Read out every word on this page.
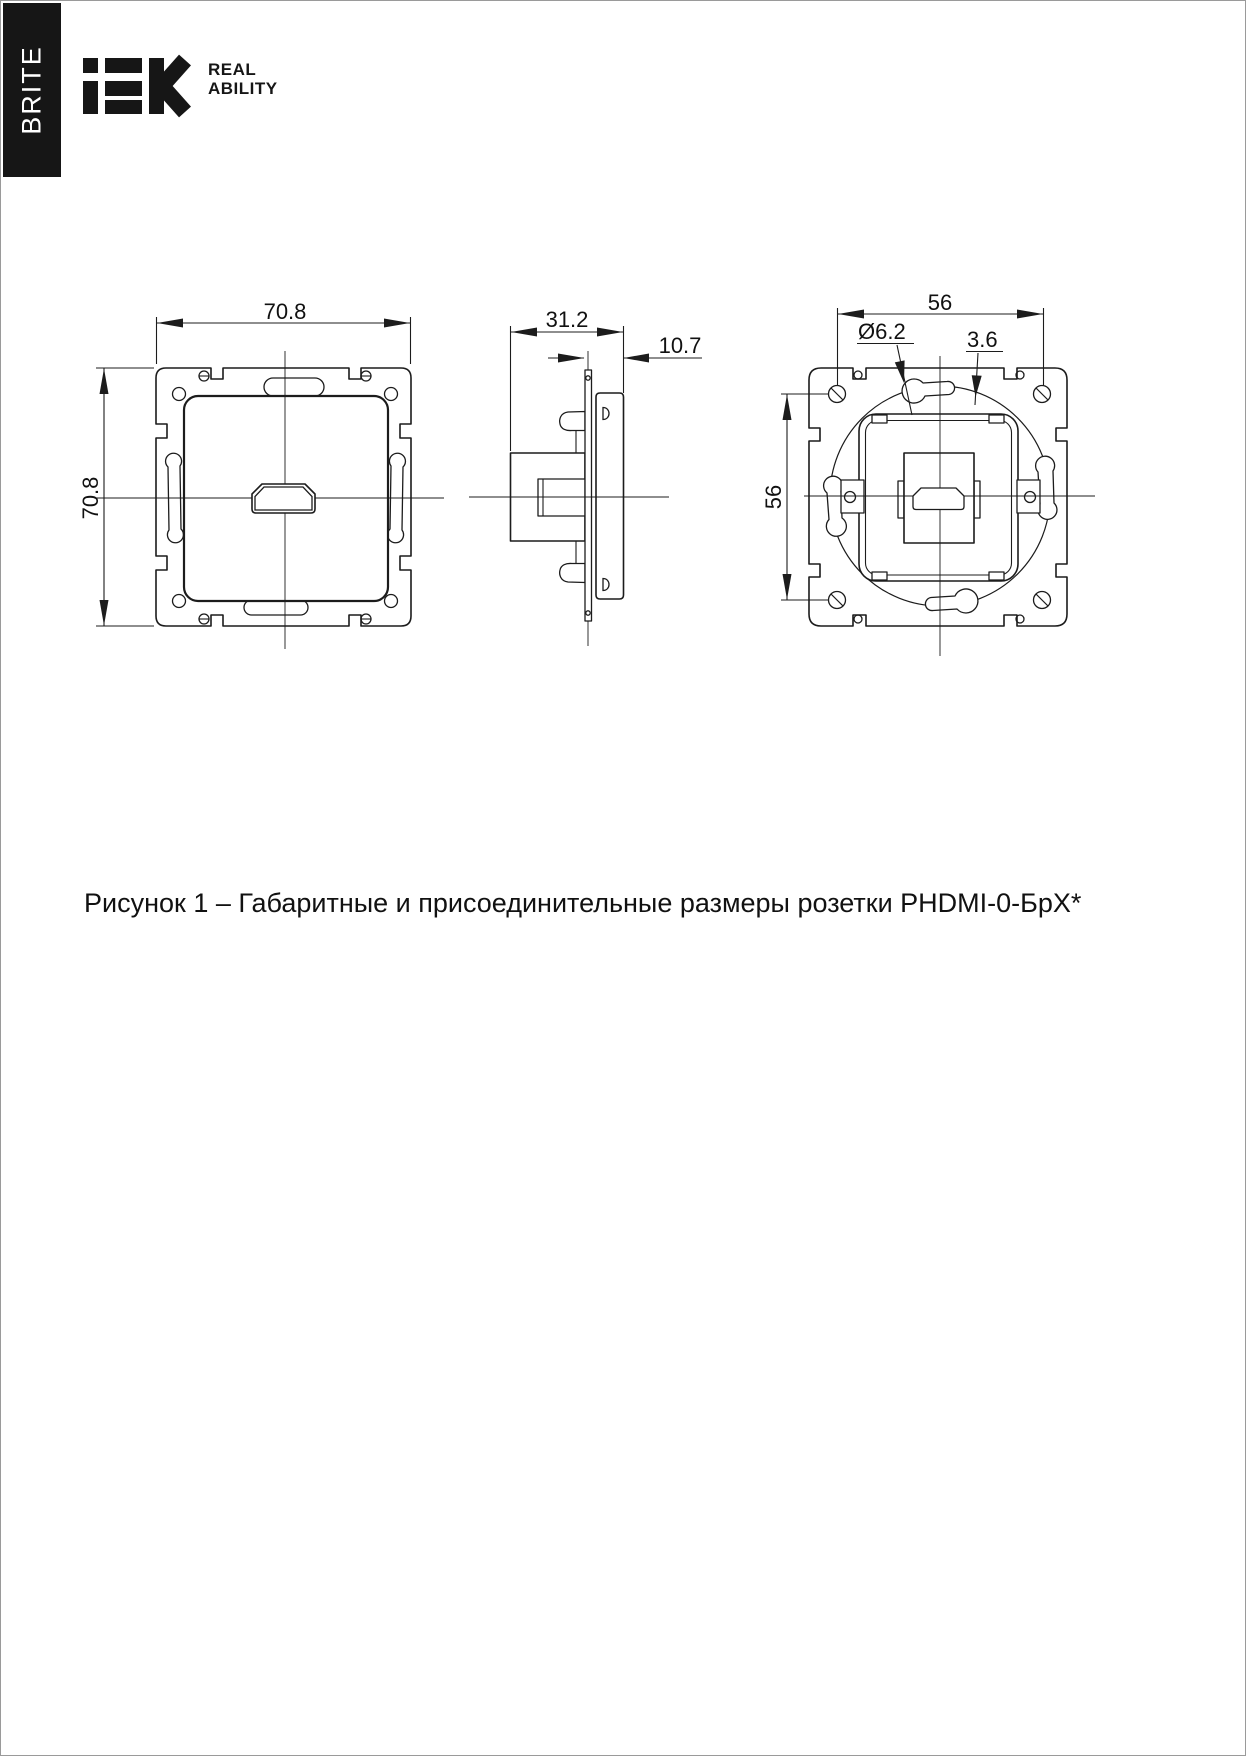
BRITE	REAL
ABILITY
70.8
70.8
31.2
10.7
56
56
Ø6.2	3.6
Рисунок 1 – Габаритные и присоединительные размеры розетки PHDMI-0-БрХ*
